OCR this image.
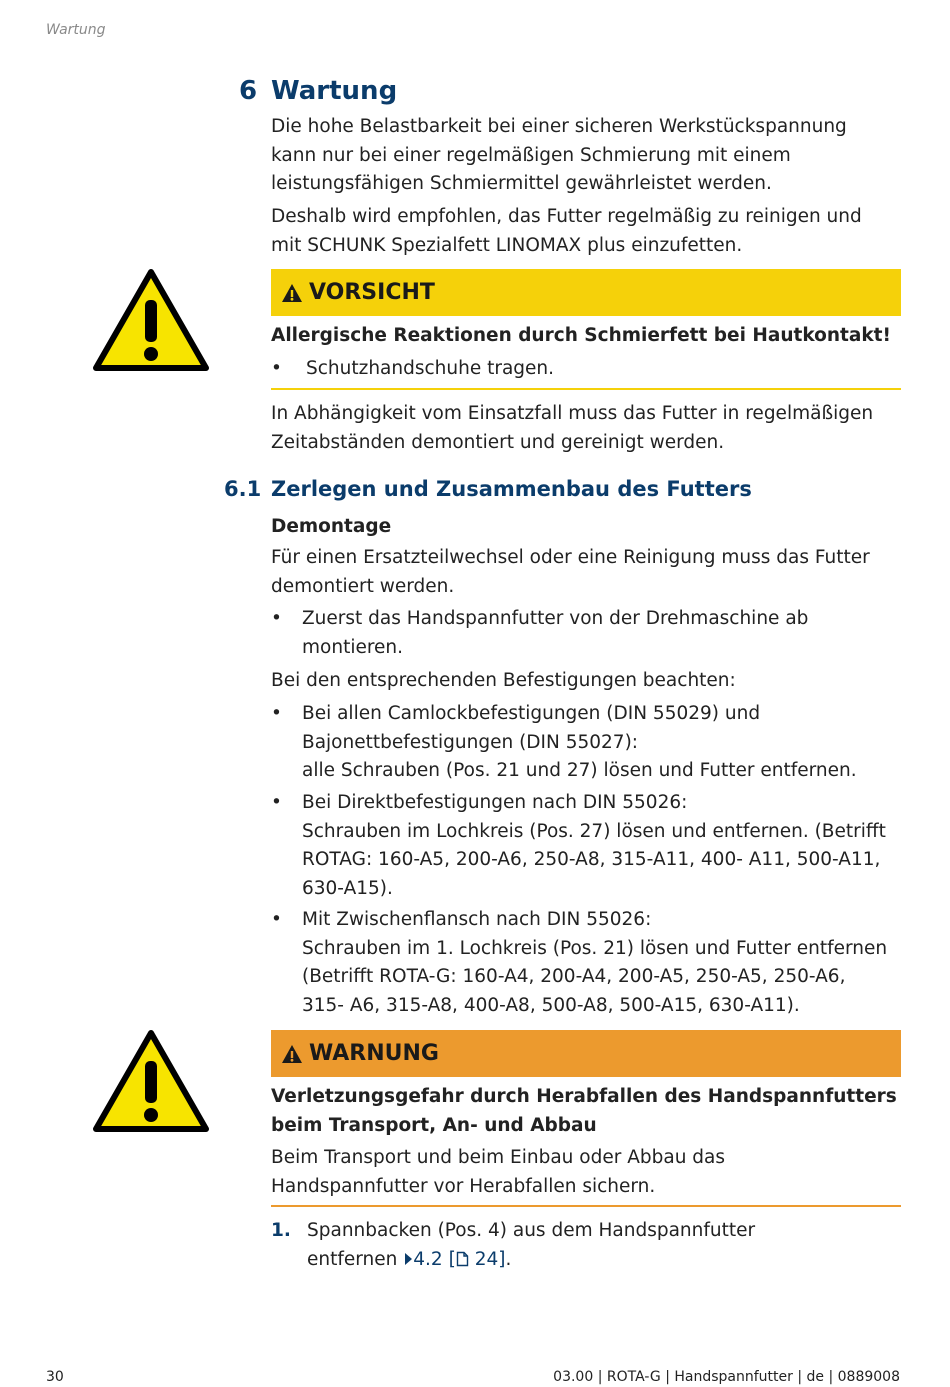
Wartung
6 Wartung

Die hohe Belastbarkeit bei einer sicheren Werkstückspannung
kann nur bei einer regelmäßigen Schmierung mit einem
leistungsfähigen Schmiermittel gewährleistet werden.

Deshalb wird empfohlen, das Futter regelmäßig zu reinigen und
mit SCHUNK Spezialfett LINOMAX plus einzufetten.

VORSICHT

Allergische Reaktionen durch Schmierfett bei Hautkontakt!

• Schutzhandschuhe tragen.

In Abhängigkeit vom Einsatzfall muss das Futter in regelmäßigen
Zeitabständen demontiert und gereinigt werden.

6.1 Zerlegen und Zusammenbau des Futters

Demontage

Für einen Ersatzteilwechsel oder eine Reinigung muss das Futter
demontiert werden.

• Zuerst das Handspannfutter von der Drehmaschine ab
montieren.

Bei den entsprechenden Befestigungen beachten:

• Bei allen Camlockbefestigungen (DIN 55029) und
Bajonettbefestigungen (DIN 55027):
alle Schrauben (Pos. 21 und 27) lösen und Futter entfernen.

• Bei Direktbefestigungen nach DIN 55026:
Schrauben im Lochkreis (Pos. 27) lösen und entfernen. (Betrifft
ROTAG: 160-A5, 200-A6, 250-A8, 315-A11, 400- A11, 500-A11,
630-A15).

• Mit Zwischenflansch nach DIN 55026:
Schrauben im 1. Lochkreis (Pos. 21) lösen und Futter entfernen
(Betrifft ROTA-G: 160-A4, 200-A4, 200-A5, 250-A5, 250-A6,
315- A6, 315-A8, 400-A8, 500-A8, 500-A15, 630-A11).

WARNUNG

Verletzungsgefahr durch Herabfallen des Handspannfutters
beim Transport, An- und Abbau

Beim Transport und beim Einbau oder Abbau das
Handspannfutter vor Herabfallen sichern.

1. Spannbacken (Pos. 4) aus dem Handspannfutter
entfernen 4.2 [ 24].

30	03.00 | ROTA-G | Handspannfutter | de | 0889008
